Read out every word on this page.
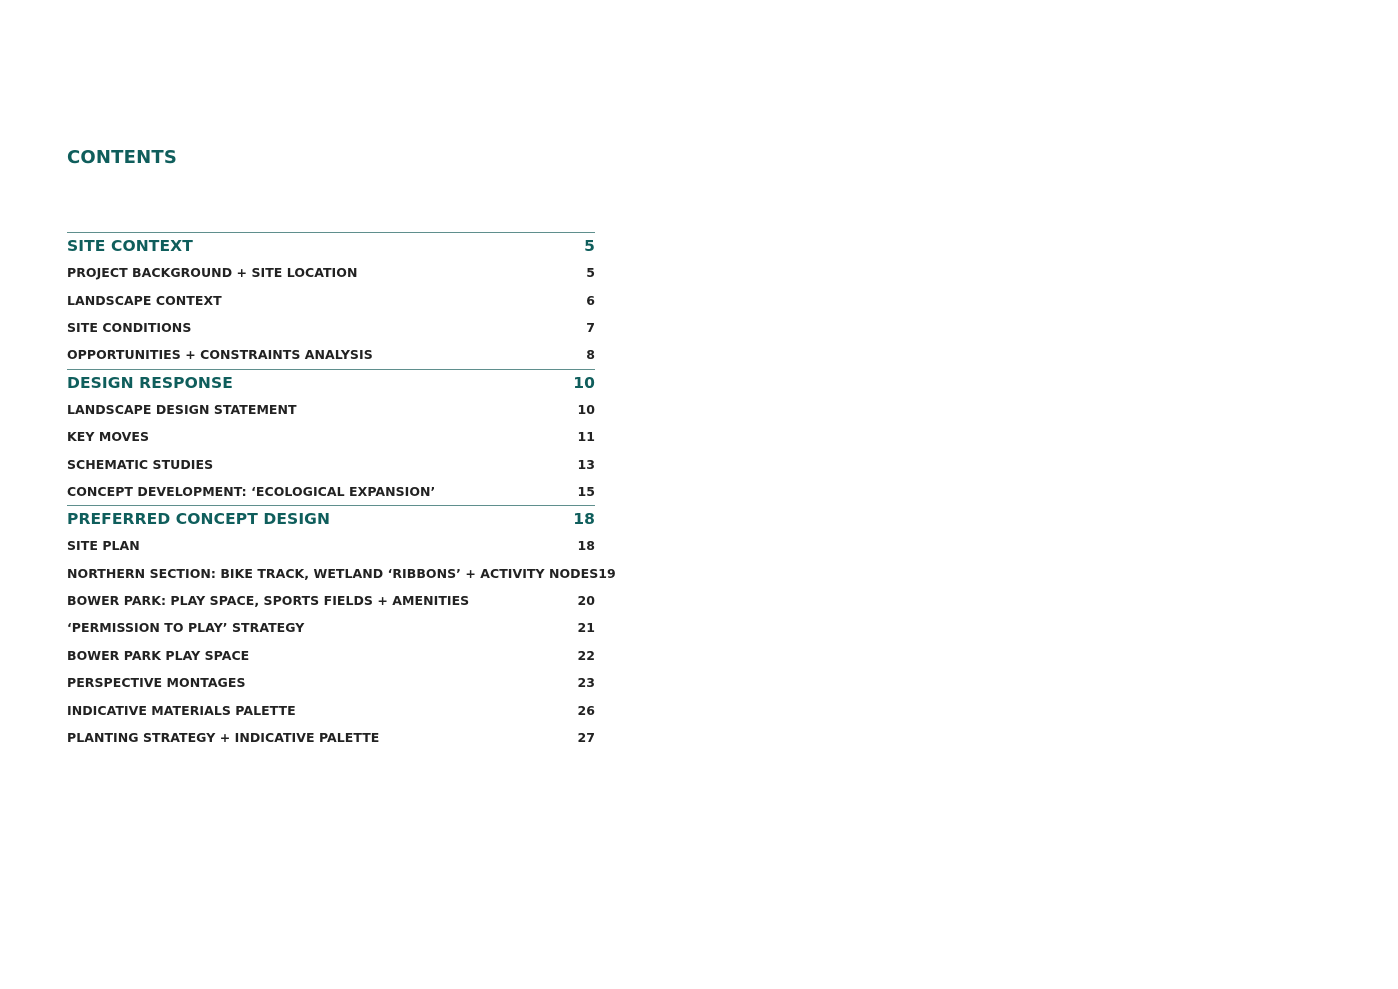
CONTENTS
SITE CONTEXT	5
PROJECT BACKGROUND + SITE LOCATION	5
LANDSCAPE CONTEXT	6
SITE CONDITIONS	7
OPPORTUNITIES + CONSTRAINTS ANALYSIS	8
DESIGN RESPONSE	10
LANDSCAPE DESIGN STATEMENT	10
KEY MOVES	11
SCHEMATIC STUDIES	13
CONCEPT DEVELOPMENT: ‘ECOLOGICAL EXPANSION’	15
PREFERRED CONCEPT DESIGN	18
SITE PLAN	18
NORTHERN SECTION: BIKE TRACK, WETLAND ‘RIBBONS’ + ACTIVITY NODES 19
BOWER PARK: PLAY SPACE, SPORTS FIELDS + AMENITIES	20
‘PERMISSION TO PLAY’ STRATEGY	21
BOWER PARK PLAY SPACE	22
PERSPECTIVE MONTAGES	23
INDICATIVE MATERIALS PALETTE	26
PLANTING STRATEGY + INDICATIVE PALETTE	27
